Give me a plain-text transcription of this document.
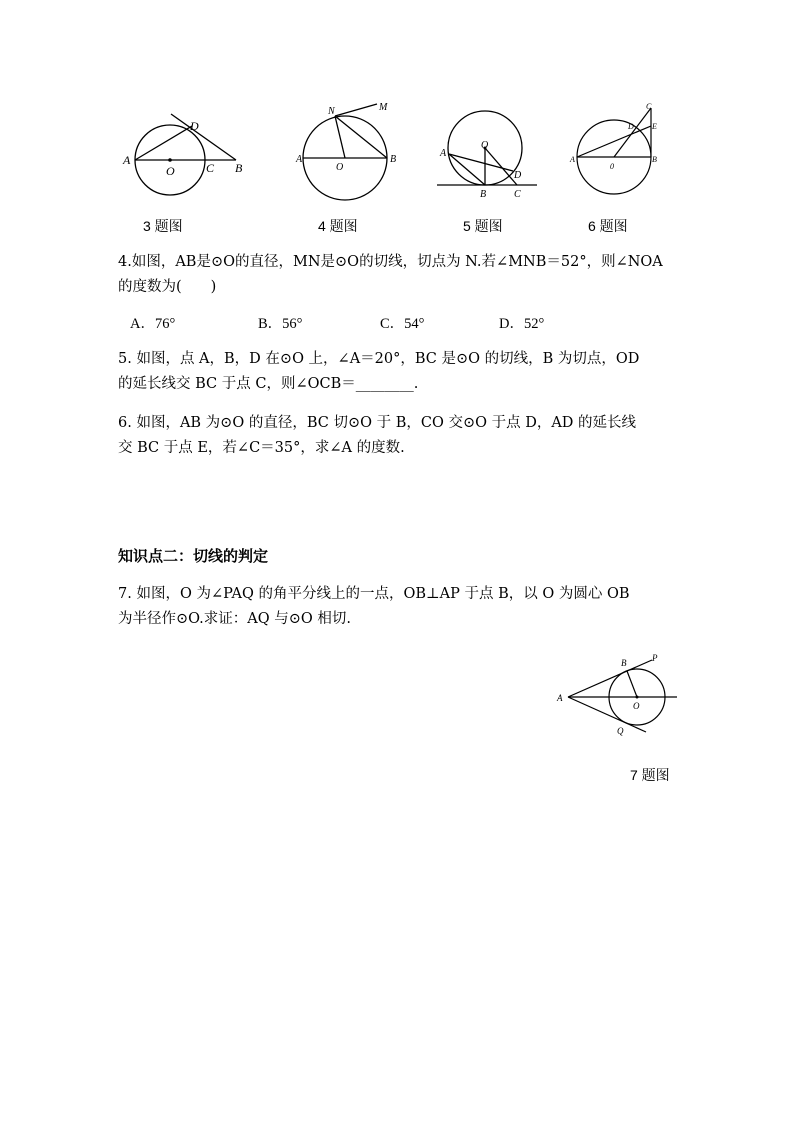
D
A
O	C B
N	M
A
O
B
O
A
D
B	C
C
D E
A
0
B
3 题图	4 题图	5 题图	6 题图
4.如图，AB是⊙O的直径，MN是⊙O的切线，切点为 N.若∠MNB＝52°，则∠NOA
的度数为(　　)
A．76°	B．56°	C．54°	D．52°
5. 如图，点 A，B，D 在⊙O 上，∠A＝20°，BC 是⊙O 的切线，B 为切点，OD
的延长线交 BC 于点 C，则∠OCB＝________.
6. 如图，AB 为⊙O 的直径，BC 切⊙O 于 B，CO 交⊙O 于点 D，AD 的延长线
交 BC 于点 E，若∠C＝35°，求∠A 的度数.
知识点二：切线的判定
7. 如图，O 为∠PAQ 的角平分线上的一点，OB⊥AP 于点 B，以 O 为圆心 OB
为半径作⊙O.求证：AQ 与⊙O 相切.
B	P
A
O
Q
7 题图
